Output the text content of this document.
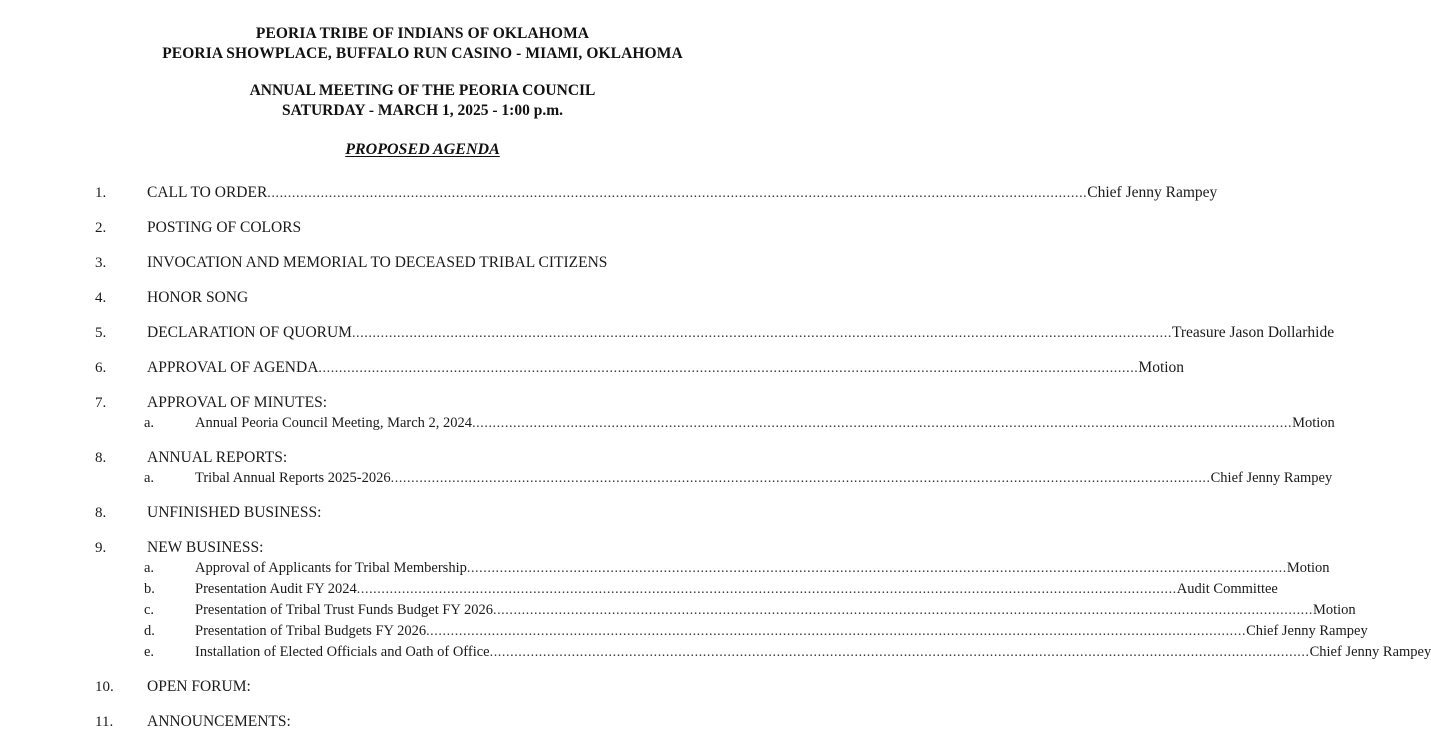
PEORIA TRIBE OF INDIANS OF OKLAHOMA
PEORIA SHOWPLACE, BUFFALO RUN CASINO - MIAMI, OKLAHOMA
ANNUAL MEETING OF THE PEORIA COUNCIL
SATURDAY - MARCH 1, 2025 - 1:00 p.m.
PROPOSED AGENDA
1.	CALL TO ORDER .....	Chief Jenny Rampey
2.	POSTING OF COLORS
3.	INVOCATION AND MEMORIAL TO DECEASED TRIBAL CITIZENS
4.	HONOR SONG
5.	DECLARATION OF QUORUM .....	Treasure Jason Dollarhide
6.	APPROVAL OF AGENDA .....	Motion
7.	APPROVAL OF MINUTES:
a.	Annual Peoria Council Meeting, March 2, 2024 .....	Motion
8.	ANNUAL REPORTS:
a.	Tribal Annual Reports 2025-2026 .....	Chief Jenny Rampey
8.	UNFINISHED BUSINESS:
9.	NEW BUSINESS:
a.	Approval of Applicants for Tribal Membership .....	Motion
b.	Presentation Audit FY 2024 .....	Audit Committee
c.	Presentation of Tribal Trust Funds Budget FY 2026 .....	Motion
d.	Presentation of Tribal Budgets FY 2026 .....	Chief Jenny Rampey
e.	Installation of Elected Officials and Oath of Office .....	Chief Jenny Rampey
10.	OPEN FORUM:
11.	ANNOUNCEMENTS:
